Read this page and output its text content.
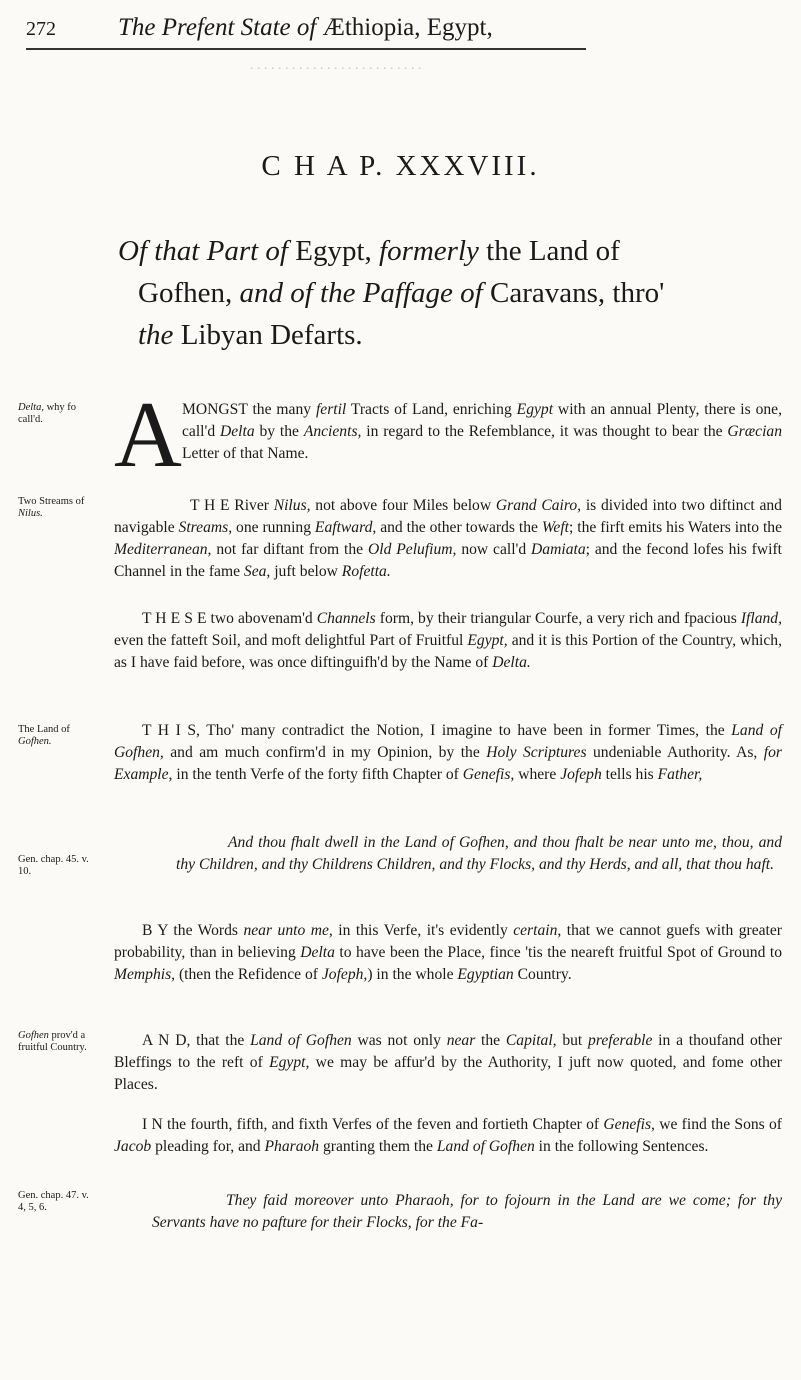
272 The Prefent State of Æthiopia, Egypt,
. . . . . . . . . . . . . . . . . . . . . . . . .
C H A P. XXXVIII.
Of that Part of Egypt, formerly the Land of
Gofhen, and of the Paffage of Caravans, thro'
the Libyan Defarts.
Delta, why fo call'd.
Two Streams of Nilus.
The Land of Gofhen.
Gen. chap. 45. v. 10.
Gofhen prov'd a fruitful Country.
Gen. chap. 47. v. 4, 5, 6.
A MONGST the many fertil Tracts of Land, enriching Egypt with an annual Plenty, there is one, call'd Delta by the Ancients, in regard to the Refemblance, it was thought to bear the Græcian Letter of that Name.
T H E River Nilus, not above four Miles below Grand Cairo, is divided into two diftinct and navigable Streams, one running Eaftward, and the other towards the Weft; the firft emits his Waters into the Mediterranean, not far diftant from the Old Pelufium, now call'd Damiata; and the fecond lofes his fwift Channel in the fame Sea, juft below Rofetta.
T H E S E two abovenam'd Channels form, by their triangular Courfe, a very rich and fpacious Ifland, even the fatteft Soil, and moft delightful Part of Fruitful Egypt, and it is this Portion of the Country, which, as I have faid before, was once diftinguifh'd by the Name of Delta.
T H I S, Tho' many contradict the Notion, I imagine to have been in former Times, the Land of Gofhen, and am much confirm'd in my Opinion, by the Holy Scriptures undeniable Authority. As, for Example, in the tenth Verfe of the forty fifth Chapter of Genefis, where Jofeph tells his Father,
And thou fhalt dwell in the Land of Gofhen, and thou fhalt be near unto me, thou, and thy Children, and thy Childrens Children, and thy Flocks, and thy Herds, and all, that thou haft.
B Y the Words near unto me, in this Verfe, it's evidently certain, that we cannot guefs with greater probability, than in believing Delta to have been the Place, fince 'tis the neareft fruitful Spot of Ground to Memphis, (then the Refidence of Jofeph,) in the whole Egyptian Country.
A N D, that the Land of Gofhen was not only near the Capital, but preferable in a thoufand other Bleffings to the reft of Egypt, we may be affur'd by the Authority, I juft now quoted, and fome other Places.
I N the fourth, fifth, and fixth Verfes of the feven and fortieth Chapter of Genefis, we find the Sons of Jacob pleading for, and Pharaoh granting them the Land of Gofhen in the following Sentences.
They faid moreover unto Pharaoh, for to fojourn in the Land are we come; for thy Servants have no pafture for their Flocks, for the Fa-
